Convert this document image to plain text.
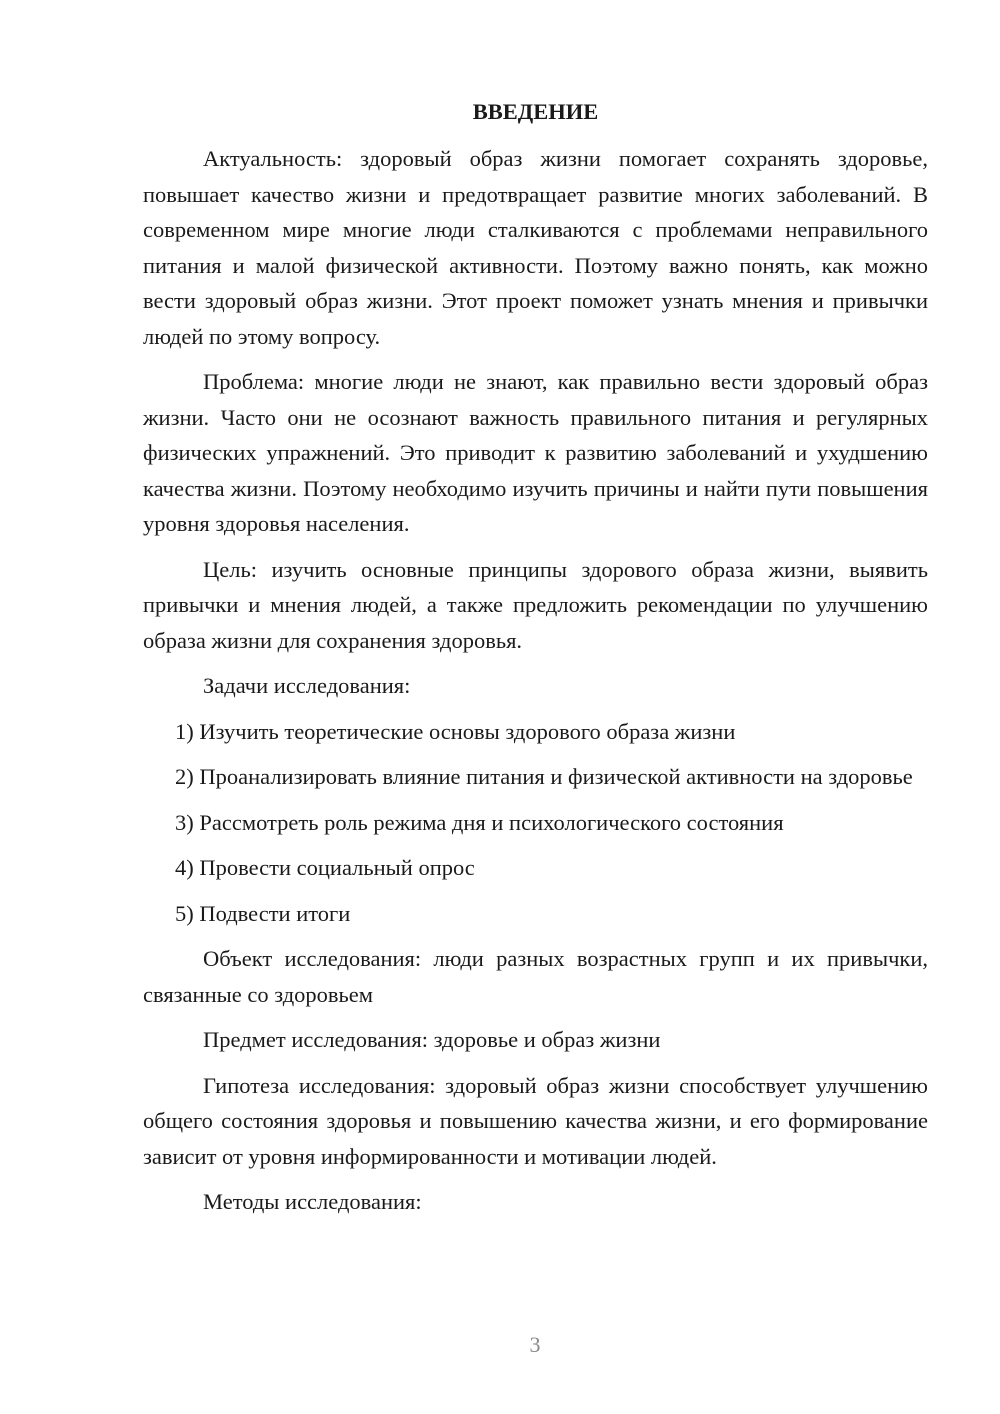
ВВЕДЕНИЕ

Актуальность: здоровый образ жизни помогает сохранять здоровье, повышает качество жизни и предотвращает развитие многих заболеваний. В современном мире многие люди сталкиваются с проблемами неправильного питания и малой физической активности. Поэтому важно понять, как можно вести здоровый образ жизни. Этот проект поможет узнать мнения и привычки людей по этому вопросу.

Проблема: многие люди не знают, как правильно вести здоровый образ жизни. Часто они не осознают важность правильного питания и регулярных физических упражнений. Это приводит к развитию заболеваний и ухудшению качества жизни. Поэтому необходимо изучить причины и найти пути повышения уровня здоровья населения.

Цель: изучить основные принципы здорового образа жизни, выявить привычки и мнения людей, а также предложить рекомендации по улучшению образа жизни для сохранения здоровья.

Задачи исследования:

1) Изучить теоретические основы здорового образа жизни

2) Проанализировать влияние питания и физической активности на здоровье

3) Рассмотреть роль режима дня и психологического состояния

4) Провести социальный опрос

5) Подвести итоги

Объект исследования: люди разных возрастных групп и их привычки, связанные со здоровьем

Предмет исследования: здоровье и образ жизни

Гипотеза исследования: здоровый образ жизни способствует улучшению общего состояния здоровья и повышению качества жизни, и его формирование зависит от уровня информированности и мотивации людей.

Методы исследования:

3
